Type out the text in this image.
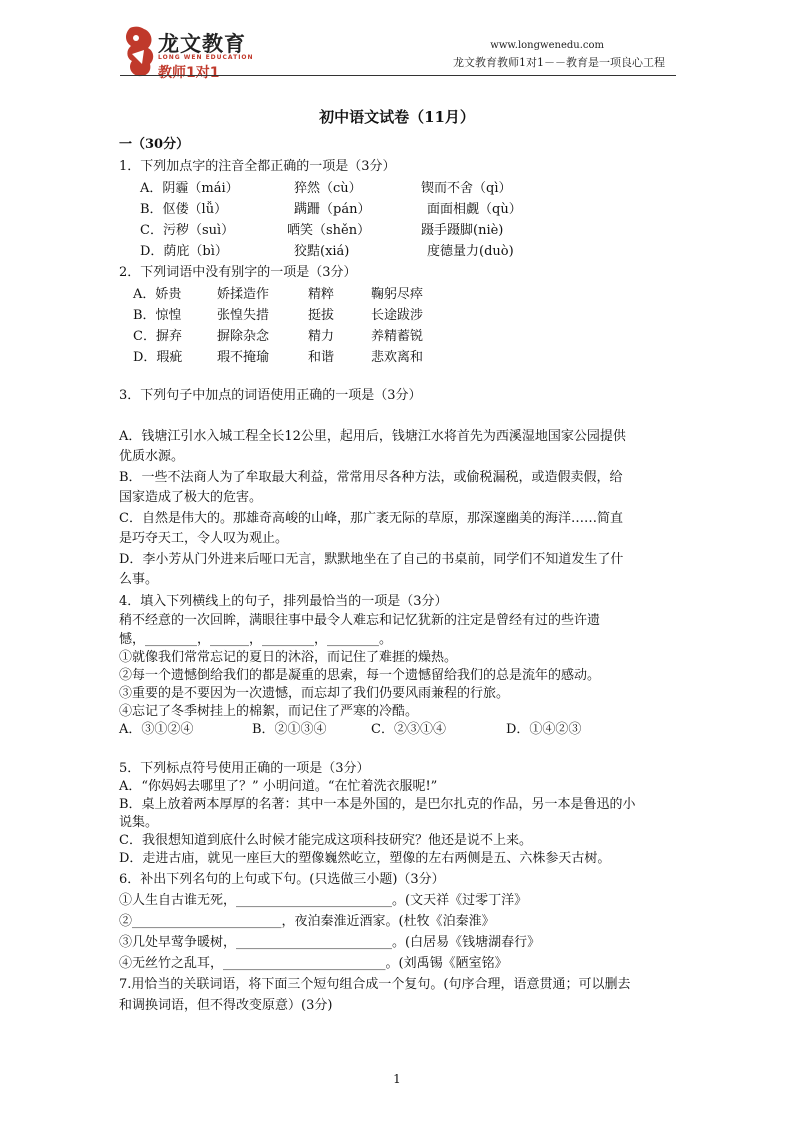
龙文教育
LONG WEN EDUCATION
教师1对1
www.longwenedu.com
龙文教育教师1对1－－教育是一项良心工程
初中语文试卷（11月）
一（30分）
1．下列加点字的注音全都正确的一项是（3分）
A．阴霾（mái）	猝然（cù）	锲而不舍（qì）
B．伛偻（lǚ）	蹒跚（pán）	面面相觑（qù）
C．污秽（suì）	哂笑（shěn）	蹑手蹑脚(niè)
D．荫庇（bì）	狡黠(xiá)	度德量力(duò)
2．下列词语中没有别字的一项是（3分）
A．娇贵	娇揉造作	精粹	鞠躬尽瘁
B．惊惶	张惶失措	挺拔	长途跋涉
C．摒弃	摒除杂念	精力	养精蓄锐
D．瑕疵	瑕不掩瑜	和谐	悲欢离和
3．下列句子中加点的词语使用正确的一项是（3分）
A．钱塘江引水入城工程全长12公里，起用后，钱塘江水将首先为西溪湿地国家公园提供
优质水源。
B．一些不法商人为了牟取最大利益，常常用尽各种方法，或偷税漏税，或造假卖假，给
国家造成了极大的危害。
C．自然是伟大的。那雄奇高峻的山峰，那广袤无际的草原，那深邃幽美的海洋……简直
是巧夺天工，令人叹为观止。
D．李小芳从门外进来后哑口无言，默默地坐在了自己的书桌前，同学们不知道发生了什
么事。
4．填入下列横线上的句子，排列最恰当的一项是（3分）
稍不经意的一次回眸，满眼往事中最令人难忘和记忆犹新的注定是曾经有过的些许遗
憾，________，______，________，________。
①就像我们常常忘记的夏日的沐浴，而记住了难捱的燥热。
②每一个遗憾倒给我们的都是凝重的思索，每一个遗憾留给我们的总是流年的感动。
③重要的是不要因为一次遗憾，而忘却了我们仍要风雨兼程的行旅。
④忘记了冬季树挂上的棉絮，而记住了严寒的冷酷。
A．③①②④	B．②①③④	C．②③①④	D．①④②③
5．下列标点符号使用正确的一项是（3分）
A．“你妈妈去哪里了？” 小明问道。“在忙着洗衣服呢!”
B．桌上放着两本厚厚的名著：其中一本是外国的，是巴尔扎克的作品，另一本是鲁迅的小
说集。
C．我很想知道到底什么时候才能完成这项科技研究？他还是说不上来。
D．走进古庙，就见一座巨大的塑像巍然屹立，塑像的左右两侧是五、六株参天古树。
6．补出下列名句的上句或下句。(只选做三小题)（3分）
①人生自古谁无死，________________________。(文天祥《过零丁洋》
②_______________________，夜泊秦淮近酒家。(杜牧《泊秦淮》
③几处早莺争暖树，________________________。(白居易《钱塘湖春行》
④无丝竹之乱耳，_________________________。(刘禹锡《陋室铭》
7.用恰当的关联词语，将下面三个短句组合成一个复句。(句序合理，语意贯通；可以删去
和调换词语，但不得改变原意）(3分)
1
